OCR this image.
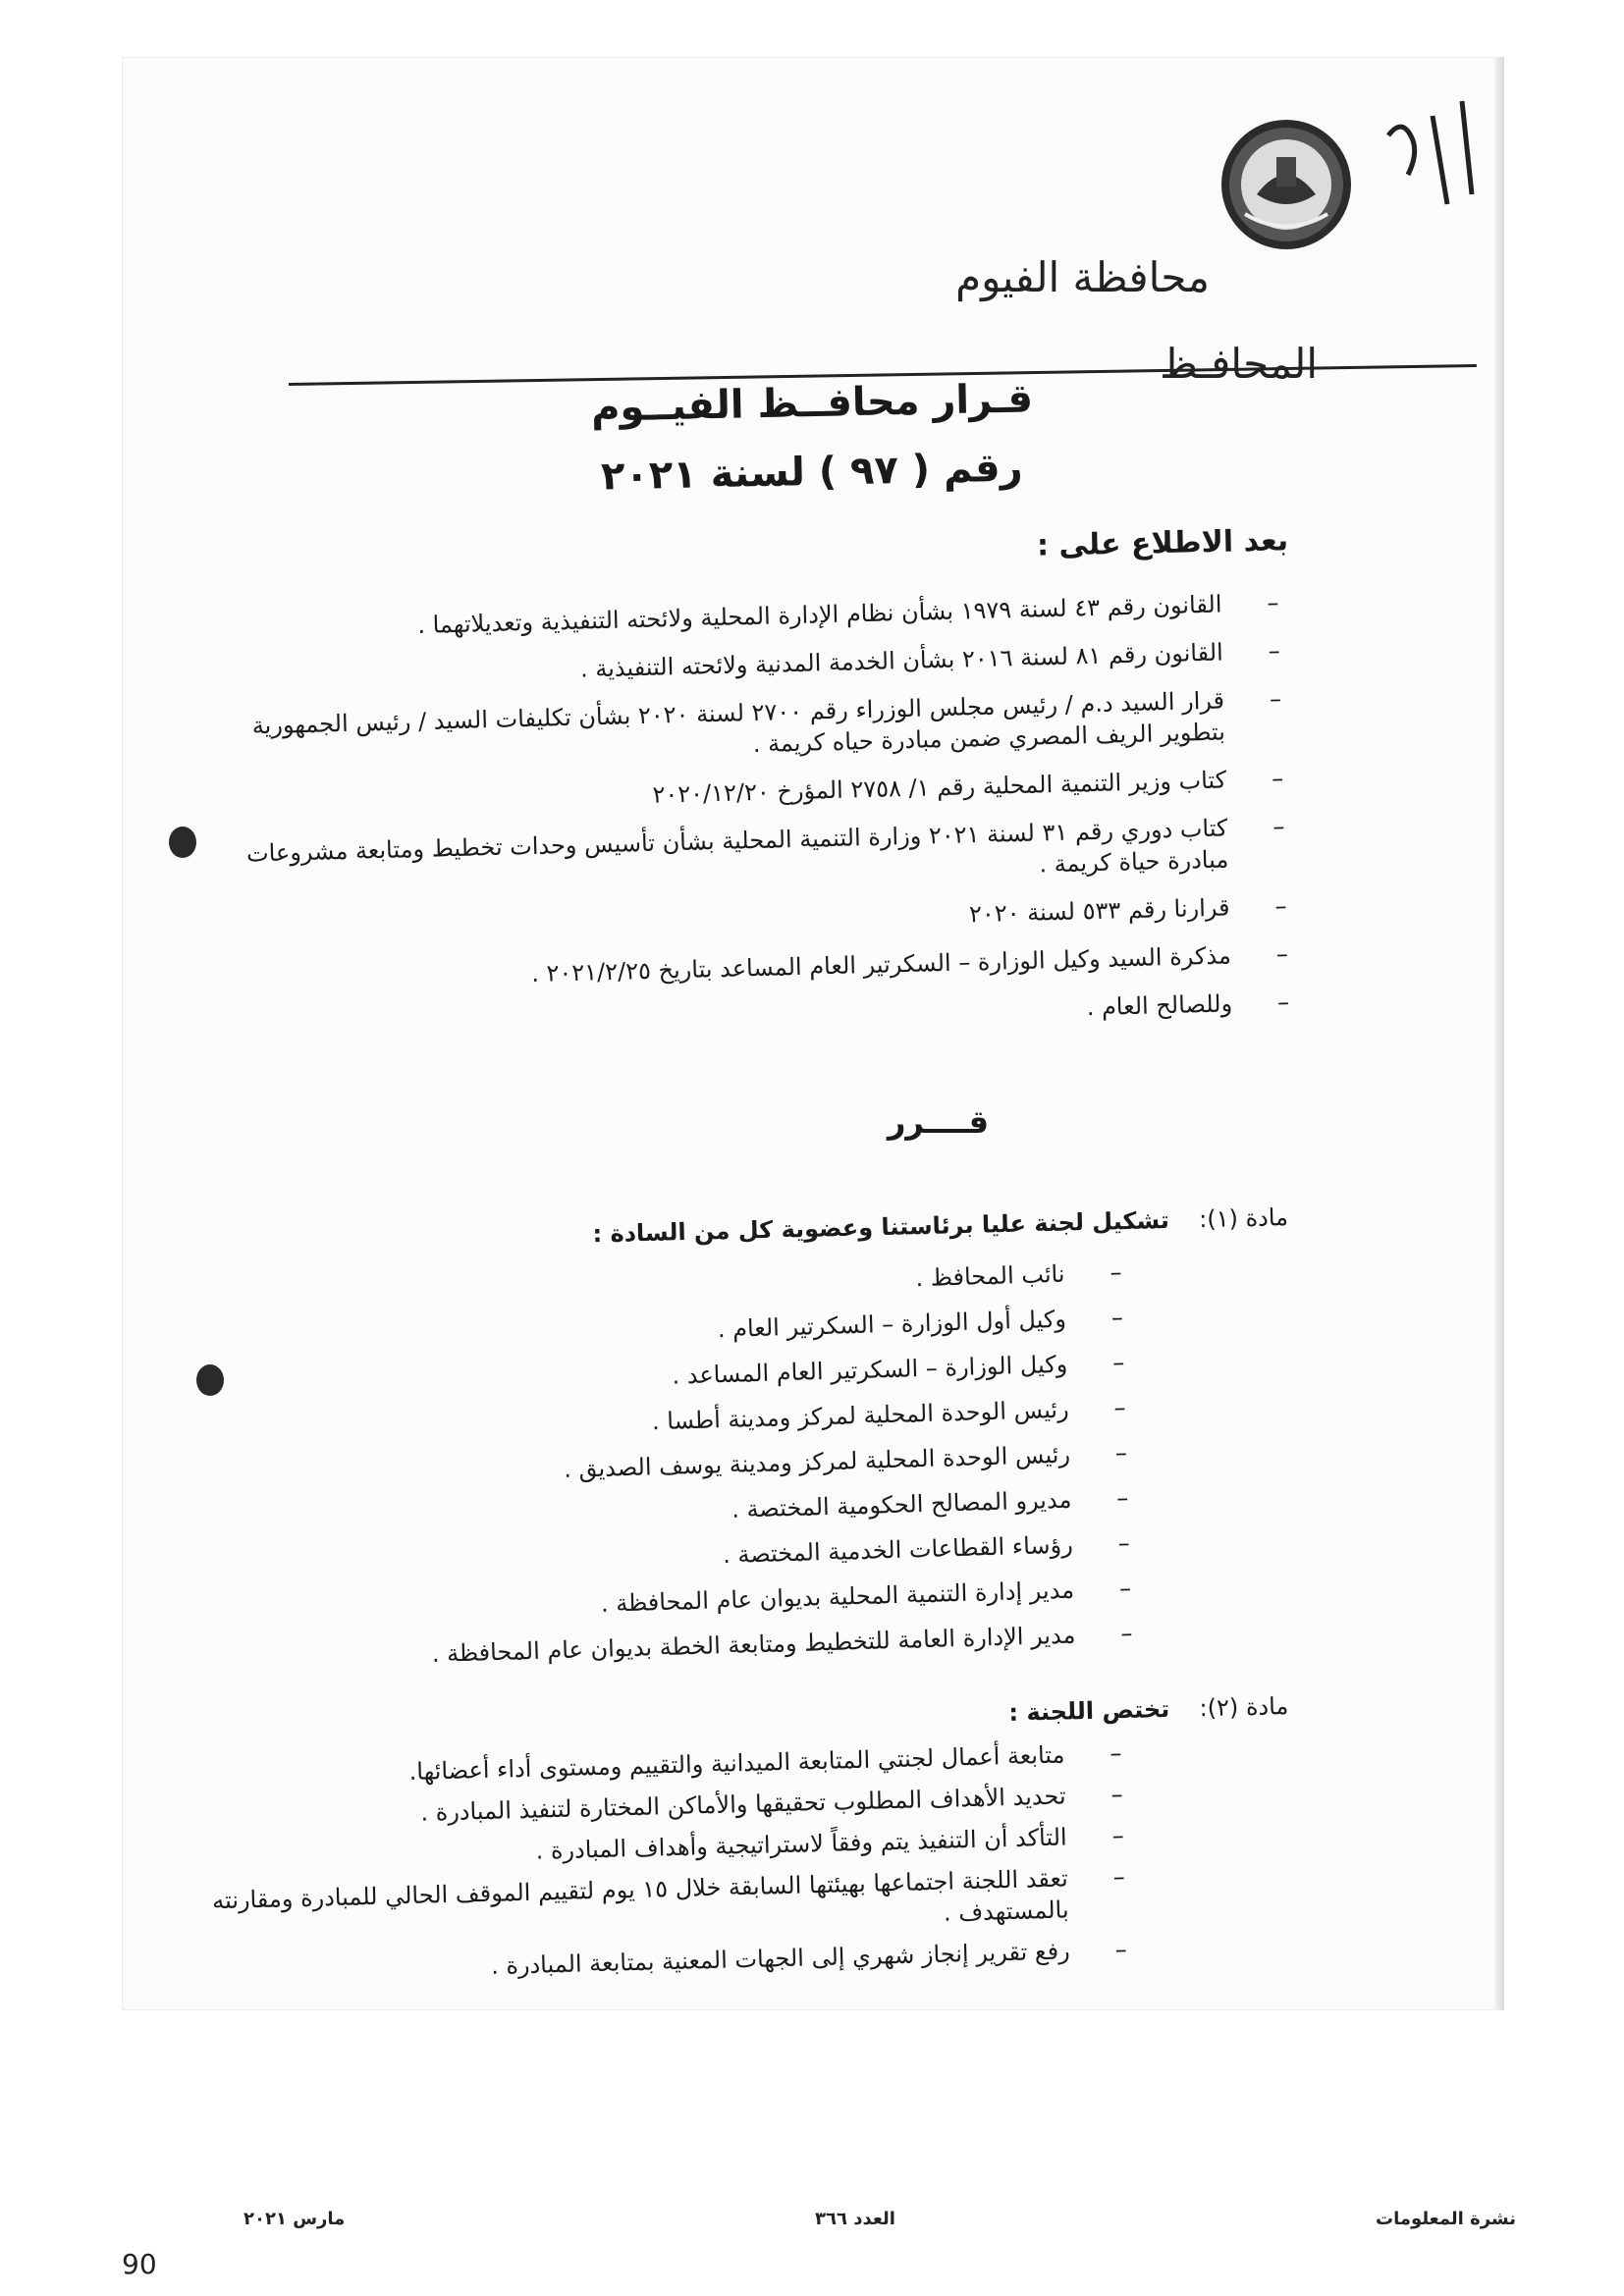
محافظة الفيوم
المحافـظ
قـرار محافــظ الفيــوم
رقم ( ٩٧ ) لسنة ٢٠٢١
بعد الاطلاع على :
–
القانون رقم ٤٣ لسنة ١٩٧٩ بشأن نظام الإدارة المحلية ولائحته التنفيذية وتعديلاتهما .
–
القانون رقم ٨١ لسنة ٢٠١٦ بشأن الخدمة المدنية ولائحته التنفيذية .
–
قرار السيد د.م / رئيس مجلس الوزراء رقم ٢٧٠٠ لسنة ٢٠٢٠ بشأن تكليفات السيد / رئيس الجمهورية بتطوير الريف المصري ضمن مبادرة حياه كريمة .
–
كتاب وزير التنمية المحلية رقم ١/ ٢٧٥٨ المؤرخ ٢٠٢٠/١٢/٢٠
–
كتاب دوري رقم ٣١ لسنة ٢٠٢١ وزارة التنمية المحلية بشأن تأسيس وحدات تخطيط ومتابعة مشروعات مبادرة حياة كريمة .
–
قرارنا رقم ٥٣٣ لسنة ٢٠٢٠
–
مذكرة السيد وكيل الوزارة – السكرتير العام المساعد بتاريخ ٢٠٢١/٢/٢٥ .
–
وللصالح العام .
قــــرر
مادة (١): تشكيل لجنة عليا برئاستنا وعضوية كل من السادة :
–
نائب المحافظ .
–
وكيل أول الوزارة – السكرتير العام .
–
وكيل الوزارة – السكرتير العام المساعد .
–
رئيس الوحدة المحلية لمركز ومدينة أطسا .
–
رئيس الوحدة المحلية لمركز ومدينة يوسف الصديق .
–
مديرو المصالح الحكومية المختصة .
–
رؤساء القطاعات الخدمية المختصة .
–
مدير إدارة التنمية المحلية بديوان عام المحافظة .
–
مدير الإدارة العامة للتخطيط ومتابعة الخطة بديوان عام المحافظة .
مادة (٢): تختص اللجنة :
–
متابعة أعمال لجنتي المتابعة الميدانية والتقييم ومستوى أداء أعضائها.
–
تحديد الأهداف المطلوب تحقيقها والأماكن المختارة لتنفيذ المبادرة .
–
التأكد أن التنفيذ يتم وفقاً لاستراتيجية وأهداف المبادرة .
–
تعقد اللجنة اجتماعها بهيئتها السابقة خلال ١٥ يوم لتقييم الموقف الحالي للمبادرة ومقارنته بالمستهدف .
–
رفع تقرير إنجاز شهري إلى الجهات المعنية بمتابعة المبادرة .
نشرة المعلومات
العدد ٣٦٦
مارس ٢٠٢١
90
